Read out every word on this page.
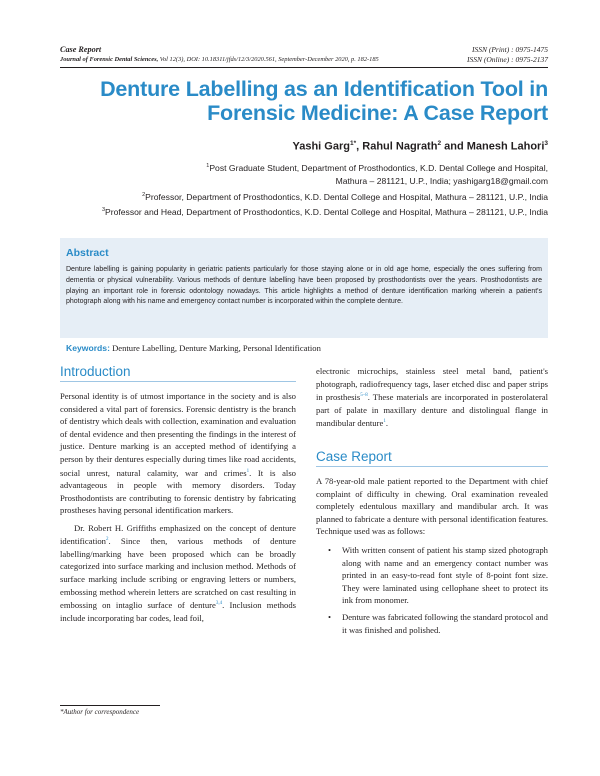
Case Report
Journal of Forensic Dental Sciences, Vol 12(3), DOI: 10.18311/jfds/12/3/2020.561, September-December 2020, p. 182-185
ISSN (Print) : 0975-1475
ISSN (Online) : 0975-2137
Denture Labelling as an Identification Tool in
Forensic Medicine: A Case Report
Yashi Garg$^{1*}$, Rahul Nagrath$^2$ and Manesh Lahori$^3$
$^1$Post Graduate Student, Department of Prosthodontics, K.D. Dental College and Hospital,
Mathura – 281121, U.P., India; yashigarg18@gmail.com
$^2$Professor, Department of Prosthodontics, K.D. Dental College and Hospital, Mathura – 281121, U.P., India
$^3$Professor and Head, Department of Prosthodontics, K.D. Dental College and Hospital, Mathura – 281121, U.P., India
Abstract
Denture labelling is gaining popularity in geriatric patients particularly for those staying alone or in old age home, especially the ones suffering from dementia or physical vulnerability. Various methods of denture labelling have been proposed by prosthodontists over the years. Prosthodontists are playing an important role in forensic odontology nowadays. This article highlights a method of denture identification marking wherein a patient's photograph along with his name and emergency contact number is incorporated within the complete denture.
Keywords: Denture Labelling, Denture Marking, Personal Identification
Introduction

Personal identity is of utmost importance in the society and is also considered a vital part of forensics. Forensic dentistry is the branch of dentistry which deals with collection, examination and evaluation of dental evidence and then presenting the findings in the interest of justice. Denture marking is an accepted method of identifying a person by their dentures especially during times like road accidents, social unrest, natural calamity, war and crimes$^1$. It is also advantageous in people with memory disorders. Today Prosthodontists are contributing to forensic dentistry by fabricating prostheses having personal identification markers.

Dr. Robert H. Griffiths emphasized on the concept of denture identification$^2$. Since then, various methods of denture labelling/marking have been proposed which can be broadly categorized into surface marking and inclusion method. Methods of surface marking include scribing or engraving letters or numbers, embossing method wherein letters are scratched on cast resulting in embossing on intaglio surface of denture$^{3,4}$. Inclusion methods include incorporating bar codes, lead foil,

electronic microchips, stainless steel metal band, patient's photograph, radiofrequency tags, laser etched disc and paper strips in prosthesis$^{5-8}$. These materials are incorporated in posterolateral part of palate in maxillary denture and distolingual flange in mandibular denture$^1$.

Case Report

A 78-year-old male patient reported to the Department with chief complaint of difficulty in chewing. Oral examination revealed completely edentulous maxillary and mandibular arch. It was planned to fabricate a denture with personal identification features. Technique used was as follows:

• With written consent of patient his stamp sized photograph along with name and an emergency contact number was printed in an easy-to-read font style of 8-point font size. They were laminated using cellophane sheet to protect its ink from monomer.
• Denture was fabricated following the standard protocol and it was finished and polished.
*Author for correspondence
